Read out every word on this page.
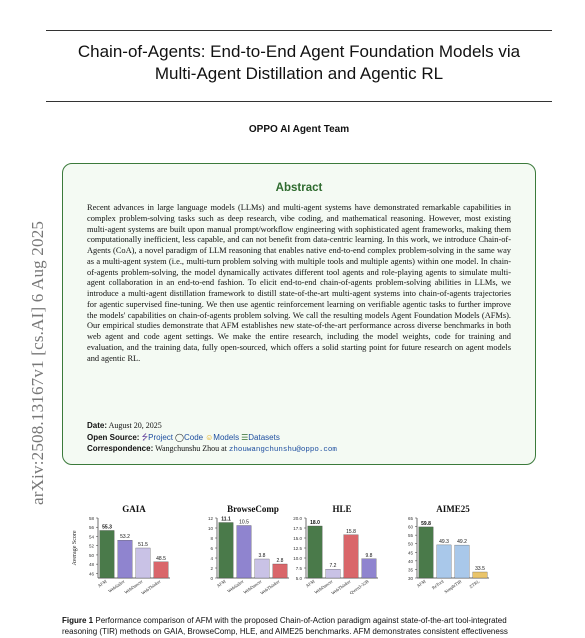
Chain-of-Agents: End-to-End Agent Foundation Models via
Multi-Agent Distillation and Agentic RL
OPPO AI Agent Team
arXiv:2508.13167v1 [cs.AI] 6 Aug 2025
Abstract
Recent advances in large language models (LLMs) and multi-agent systems have demonstrated remarkable capabilities in complex problem-solving tasks such as deep research, vibe coding, and mathematical reasoning. However, most existing multi-agent systems are built upon manual prompt/workflow engineering with sophisticated agent frameworks, making them computationally inefficient, less capable, and can not benefit from data-centric learning. In this work, we introduce Chain-of-Agents (CoA), a novel paradigm of LLM reasoning that enables native end-to-end complex problem-solving in the same way as a multi-agent system (i.e., multi-turn problem solving with multiple tools and multiple agents) within one model. In chain-of-agents problem-solving, the model dynamically activates different tool agents and role-playing agents to simulate multi-agent collaboration in an end-to-end fashion. To elicit end-to-end chain-of-agents problem-solving abilities in LLMs, we introduce a multi-agent distillation framework to distill state-of-the-art multi-agent systems into chain-of-agents trajectories for agentic supervised fine-tuning. We then use agentic reinforcement learning on verifiable agentic tasks to further improve the models' capabilities on chain-of-agents problem solving. We call the resulting models Agent Foundation Models (AFMs). Our empirical studies demonstrate that AFM establishes new state-of-the-art performance across diverse benchmarks in both web agent and code agent settings. We make the entire research, including the model weights, code for training and evaluation, and the training data, fully open-sourced, which offers a solid starting point for future research on agent models and agentic RL.
Date: August 20, 2025
Open Source: ⭍Project ◯Code ☺Models ☰Datasets
Correspondence: Wangchunshu Zhou at zhouwangchunshu@oppo.com
GAIA
46
48
50
52
54
56
58
55.3
AFM
53.2
WebSailor
51.5
WebDancer
48.5
WebThinker
Average Score
BrowseComp
0
2
4
6
8
10
12 11.1
AFM
10.5
WebSailor
3.8
WebDancer
2.8
WebThinker
HLE
5.0
7.5
10.0
12.5
15.0
17.5
20.0
18.0
AFM
7.2
WebDancer
15.8
WebThinker
9.8
Qwen3-32B
AIME25
30
35
40
45
50
55
60
65
59.8
AFM
49.3
ReTool
49.2
SimpleTIR
33.5
ZTRL
Figure 1 Performance comparison of AFM with the proposed Chain-of-Action paradigm against state-of-the-art tool-integrated reasoning (TIR) methods on GAIA, BrowseComp, HLE, and AIME25 benchmarks. AFM demonstrates consistent effectiveness
